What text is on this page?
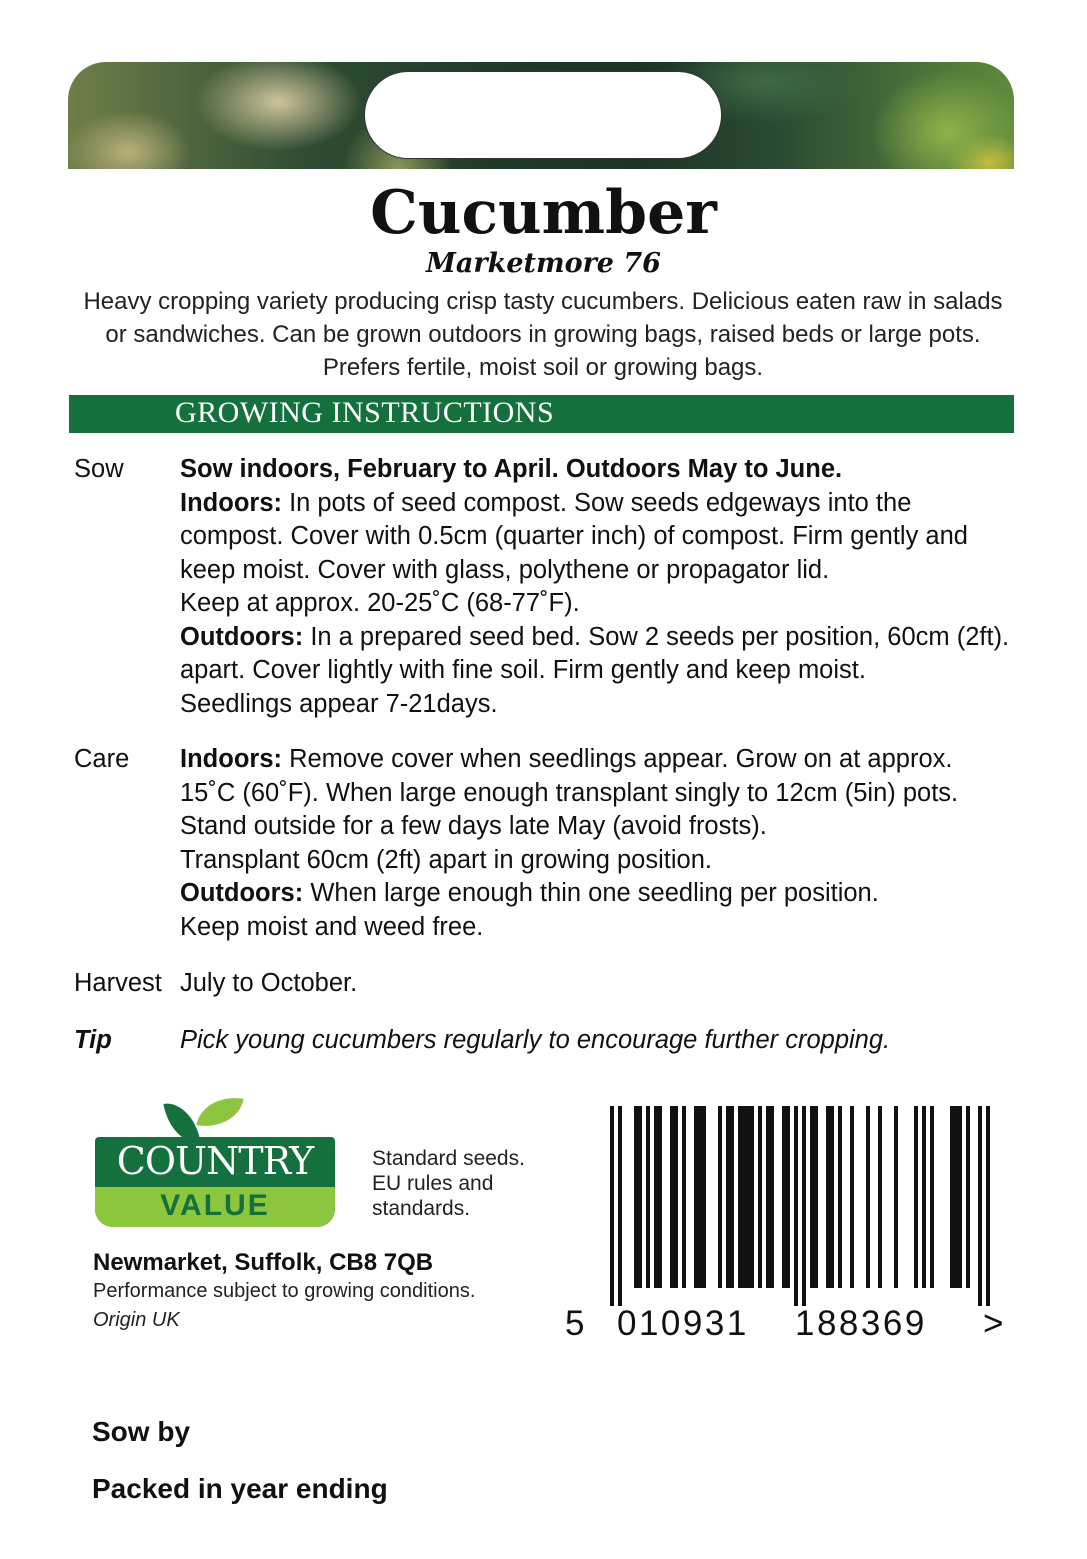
Cucumber
Marketmore 76
Heavy cropping variety producing crisp tasty cucumbers. Delicious eaten raw in salads
or sandwiches. Can be grown outdoors in growing bags, raised beds or large pots.
Prefers fertile, moist soil or growing bags.
GROWING INSTRUCTIONS
Sow Sow indoors, February to April. Outdoors May to June.
Indoors: In pots of seed compost. Sow seeds edgeways into the
compost. Cover with 0.5cm (quarter inch) of compost. Firm gently and
keep moist. Cover with glass, polythene or propagator lid.
Keep at approx. 20-25˚C (68-77˚F).
Outdoors: In a prepared seed bed. Sow 2 seeds per position, 60cm (2ft).
apart. Cover lightly with fine soil. Firm gently and keep moist.
Seedlings appear 7-21days.
Care Indoors: Remove cover when seedlings appear. Grow on at approx.
15˚C (60˚F). When large enough transplant singly to 12cm (5in) pots.
Stand outside for a few days late May (avoid frosts).
Transplant 60cm (2ft) apart in growing position.
Outdoors: When large enough thin one seedling per position.
Keep moist and weed free.
Harvest July to October.
Tip	Pick young cucumbers regularly to encourage further cropping.
COUNTRY
VALUE
Standard seeds.
EU rules and
standards.
Newmarket, Suffolk, CB8 7QB
Performance subject to growing conditions.
Origin UK	5 010931 188369 >
Sow by
Packed in year ending
